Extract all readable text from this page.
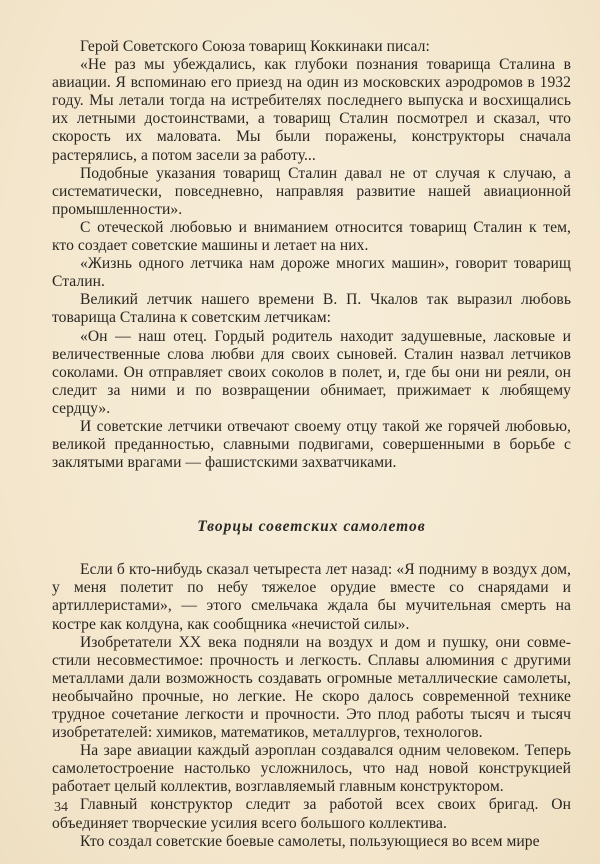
Герой Советского Союза товарищ Коккинаки писал:

«Не раз мы убеждались, как глубоки познания товарища Сталина в авиации. Я вспоминаю его приезд на один из московских аэродромов в 1932 году. Мы летали тогда на истребителях последнего выпуска и восхищались их летными достоинствами, а товарищ Сталин посмотрел и сказал, что скорость их маловата. Мы были поражены, конструкторы сначала растерялись, а потом засели за работу...

Подобные указания товарищ Сталин давал не от случая к случаю, а систематически, повседневно, направляя развитие нашей авиационной промышленности».

С отеческой любовью и вниманием относится товарищ Сталин к тем, кто создает советские машины и летает на них.

«Жизнь одного летчика нам дороже многих машин», говорит товарищ Сталин.

Великий летчик нашего времени В. П. Чкалов так выразил любовь товарища Сталина к советским летчикам:

«Он — наш отец. Гордый родитель находит задушевные, ласковые и величественные слова любви для своих сыновей. Сталин назвал летчиков соколами. Он отправляет своих соколов в полет, и, где бы они ни реяли, он следит за ними и по возвращении обнимает, прижимает к любящему сердцу».

И советские летчики отвечают своему отцу такой же горячей любовью, великой преданностью, славными подвигами, совершенными в борьбе с заклятыми врагами — фашистскими захватчиками.

Творцы советских самолетов

Если б кто-нибудь сказал четыреста лет назад: «Я подниму в воздух дом, у меня полетит по небу тяжелое орудие вместе со снарядами и артиллеристами», — этого смельчака ждала бы мучительная смерть на костре как колдуна, как сообщника «нечистой силы».

Изобретатели XX века подняли на воздух и дом и пушку, они совместили несовместимое: прочность и легкость. Сплавы алюминия с другими металлами дали возможность создавать огромные металлические самолеты, необычайно прочные, но легкие. Не скоро далось современной технике трудное сочетание легкости и прочности. Это плод работы тысяч и тысяч изобретателей: химиков, математиков, металлургов, технологов.

На заре авиации каждый аэроплан создавался одним человеком. Теперь самолетостроение настолько усложнилось, что над новой конструкцией работает целый коллектив, возглавляемый главным конструктором.

Главный конструктор следит за работой всех своих бригад. Он объединяет творческие усилия всего большого коллектива.

Кто создал советские боевые самолеты, пользующиеся во всем мире

34
